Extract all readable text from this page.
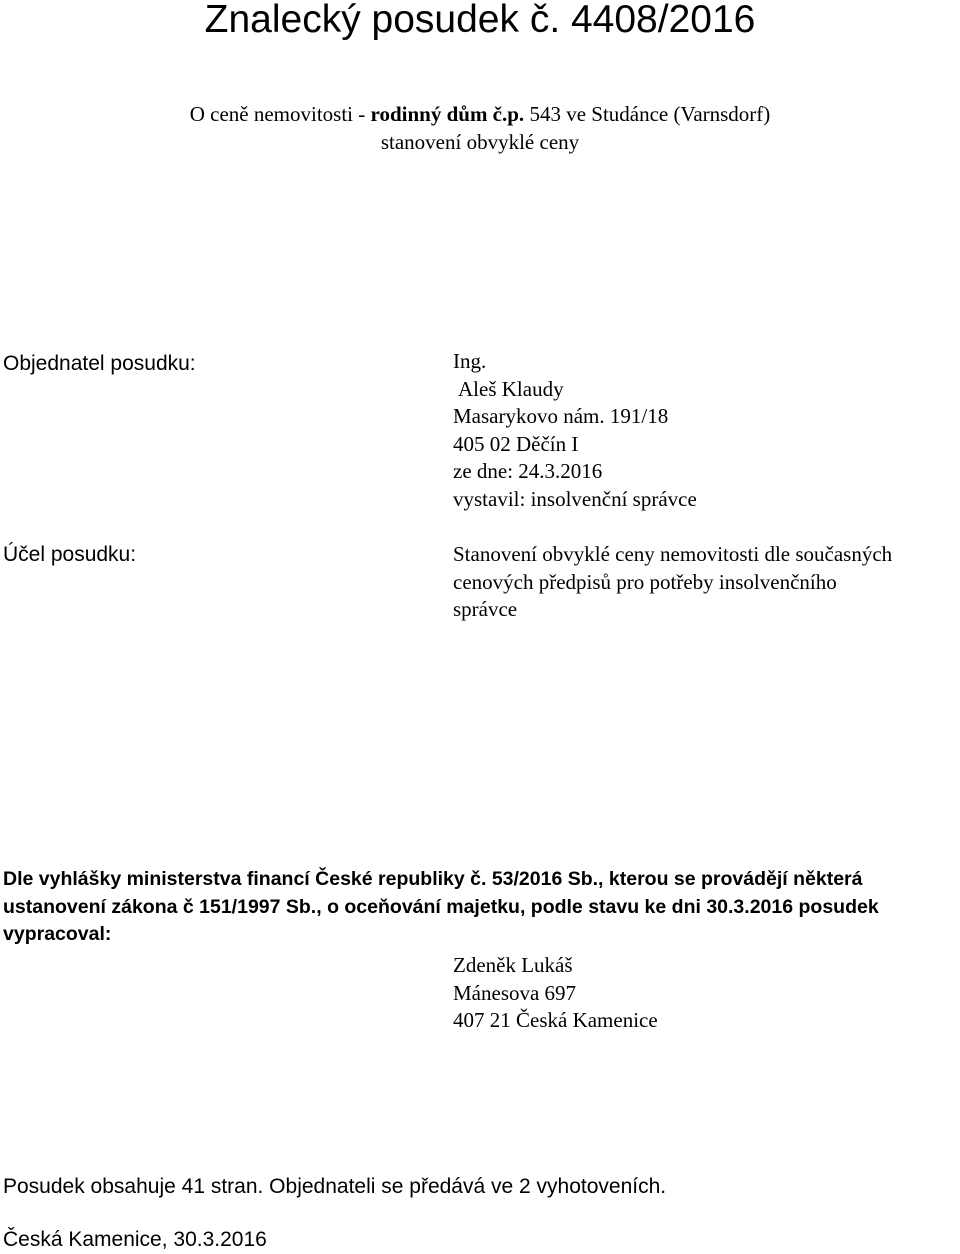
Znalecký posudek č. 4408/2016
O ceně nemovitosti - rodinný dům č.p. 543 ve Studánce (Varnsdorf)
stanovení obvyklé ceny
Objednatel posudku:	Ing.
Aleš Klaudy
Masarykovo nám. 191/18
405 02 Děčín I
ze dne: 24.3.2016
vystavil: insolvenční správce
Účel posudku:	Stanovení obvyklé ceny nemovitosti dle současných
cenových předpisů pro potřeby insolvenčního
správce
Dle vyhlášky ministerstva financí České republiky č. 53/2016 Sb., kterou se provádějí některá
ustanovení zákona č 151/1997 Sb., o oceňování majetku, podle stavu ke dni 30.3.2016 posudek
vypracoval:
Zdeněk Lukáš
Mánesova 697
407 21 Česká Kamenice
Posudek obsahuje 41 stran. Objednateli se předává ve 2 vyhotoveních.
Česká Kamenice, 30.3.2016
